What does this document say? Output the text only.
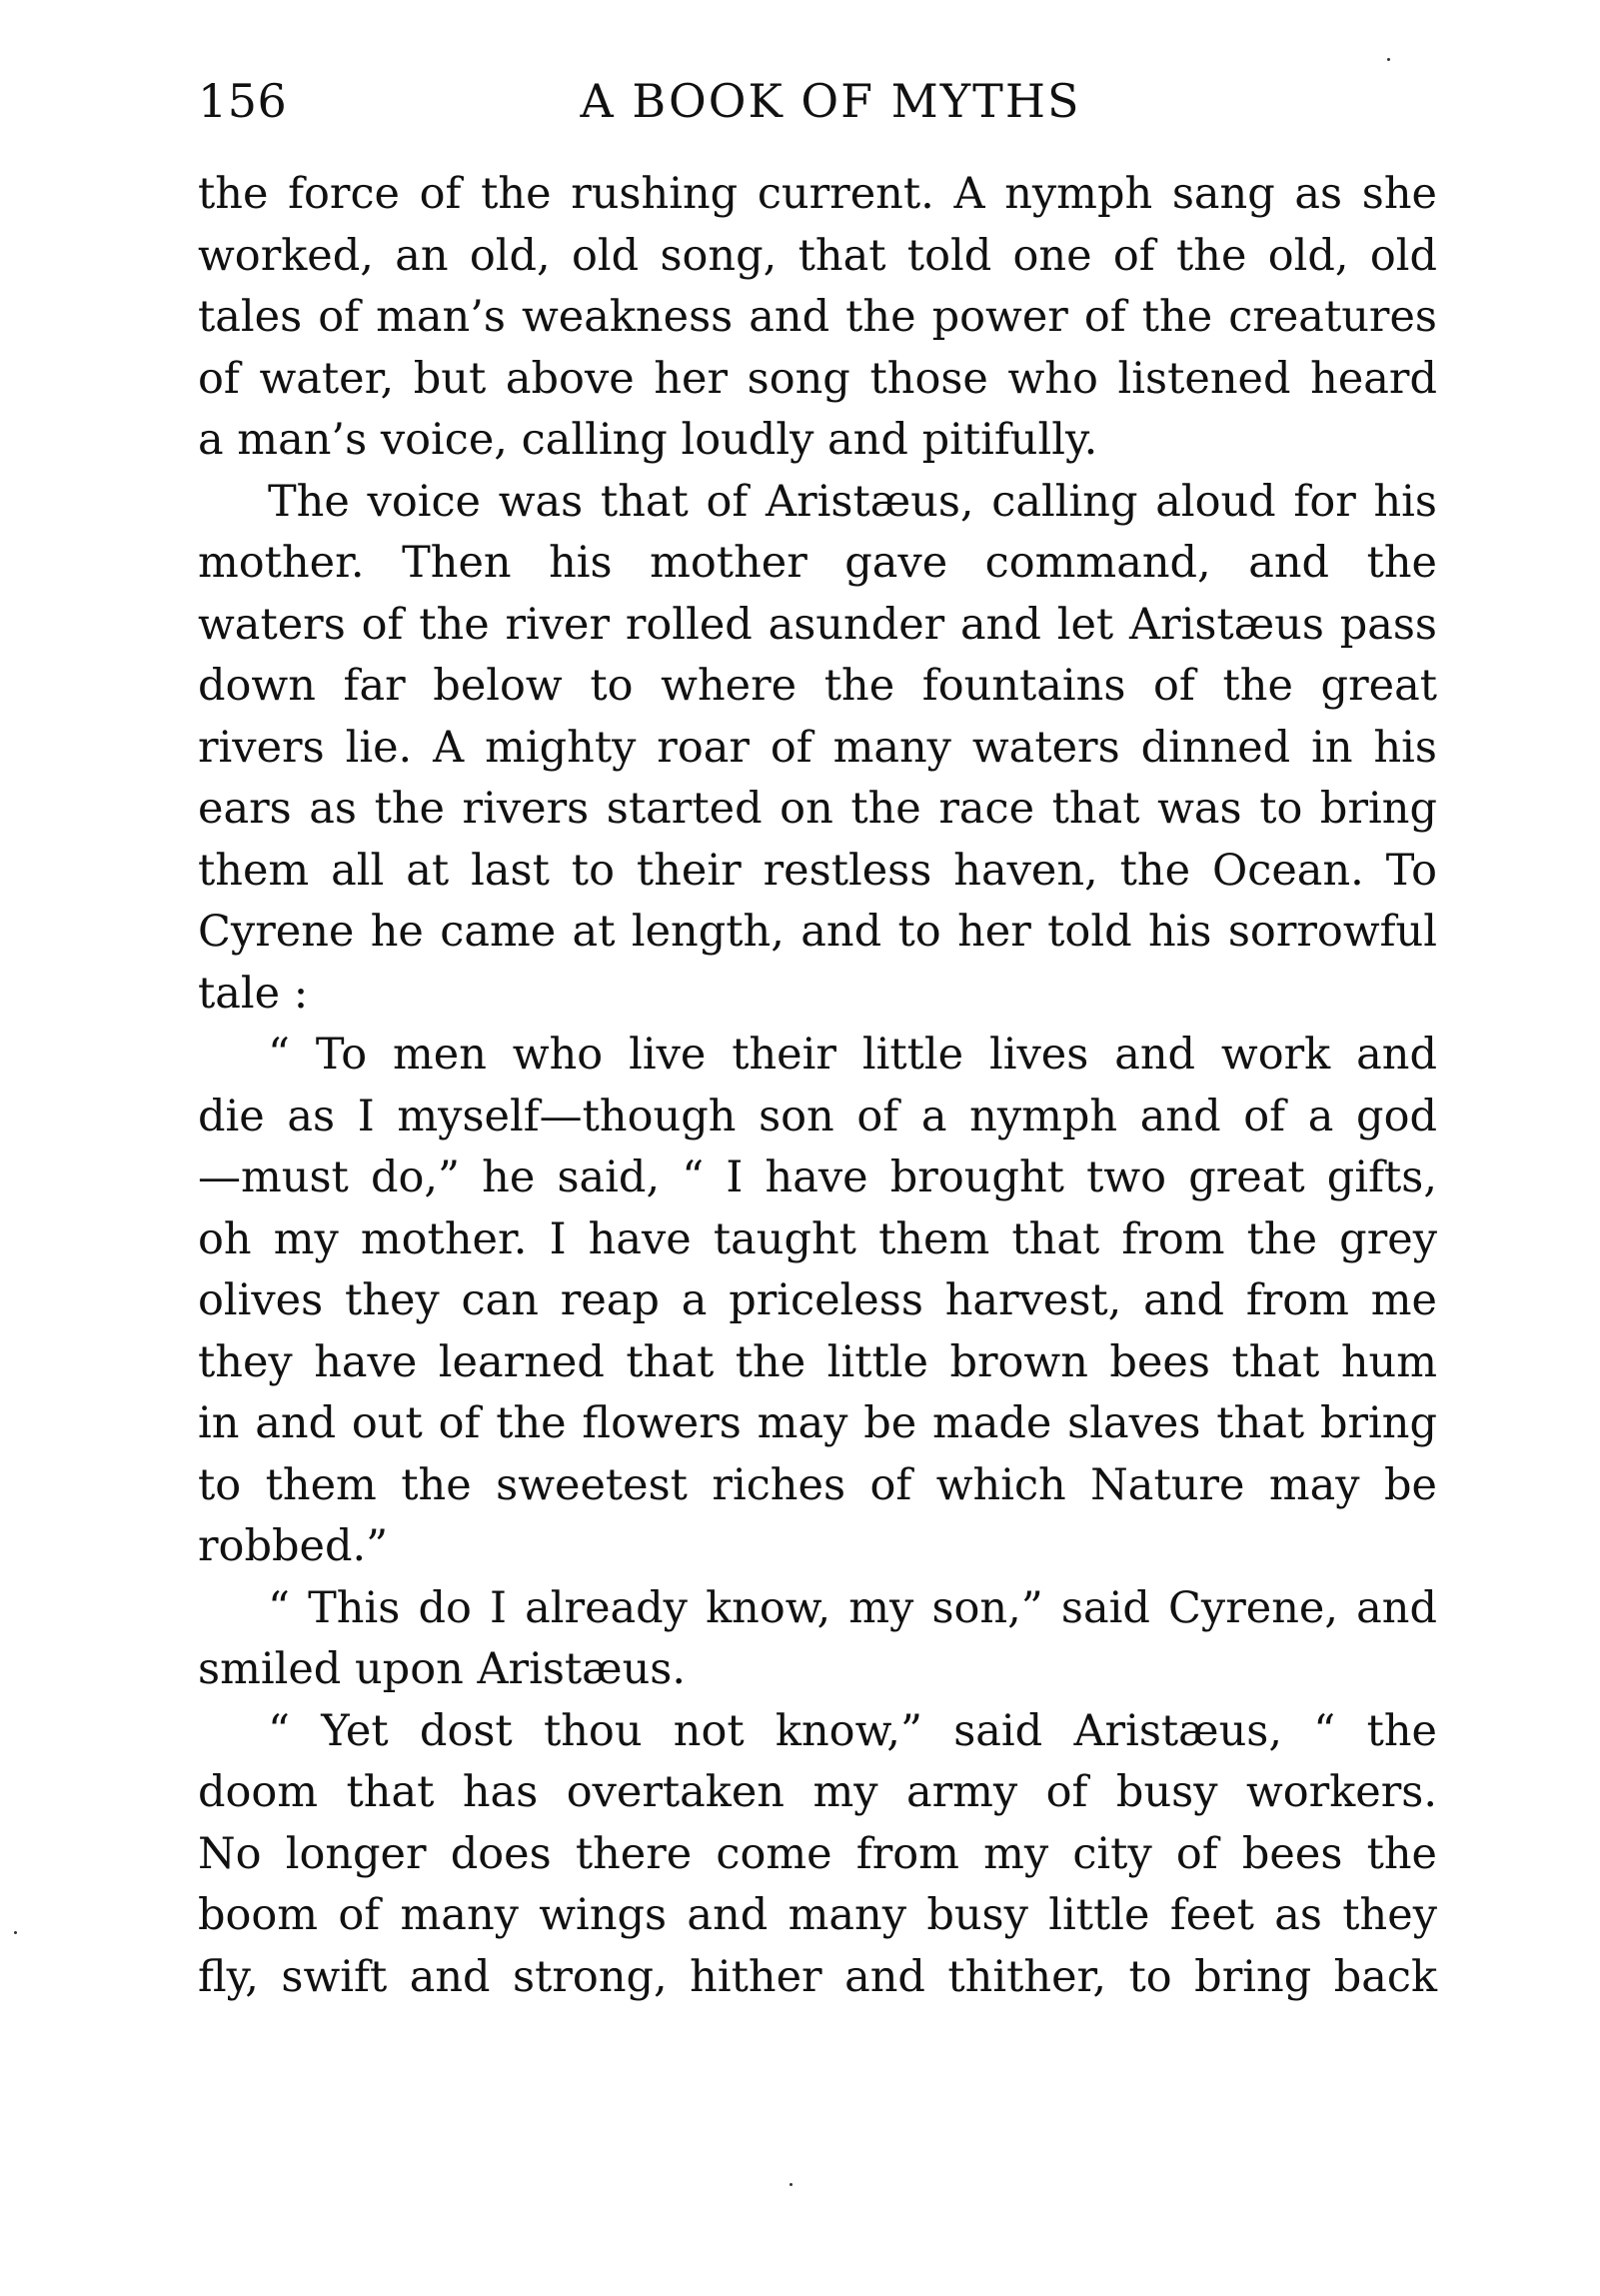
156	A BOOK OF MYTHS
the force of the rushing current. A nymph sang as she
worked, an old, old song, that told one of the old, old
tales of man’s weakness and the power of the creatures
of water, but above her song those who listened heard
a man’s voice, calling loudly and pitifully.
The voice was that of Aristæus, calling aloud for his
mother. Then his mother gave command, and the
waters of the river rolled asunder and let Aristæus pass
down far below to where the fountains of the great
rivers lie. A mighty roar of many waters dinned in his
ears as the rivers started on the race that was to bring
them all at last to their restless haven, the Ocean. To
Cyrene he came at length, and to her told his sorrowful
tale :
“ To men who live their little lives and work and
die as I myself—though son of a nymph and of a god
—must do,” he said, “ I have brought two great gifts,
oh my mother. I have taught them that from the grey
olives they can reap a priceless harvest, and from me
they have learned that the little brown bees that hum
in and out of the flowers may be made slaves that bring
to them the sweetest riches of which Nature may be
robbed.”
“ This do I already know, my son,” said Cyrene, and
smiled upon Aristæus.
“ Yet dost thou not know,” said Aristæus, “ the
doom that has overtaken my army of busy workers.
No longer does there come from my city of bees the
boom of many wings and many busy little feet as they
fly, swift and strong, hither and thither, to bring back
